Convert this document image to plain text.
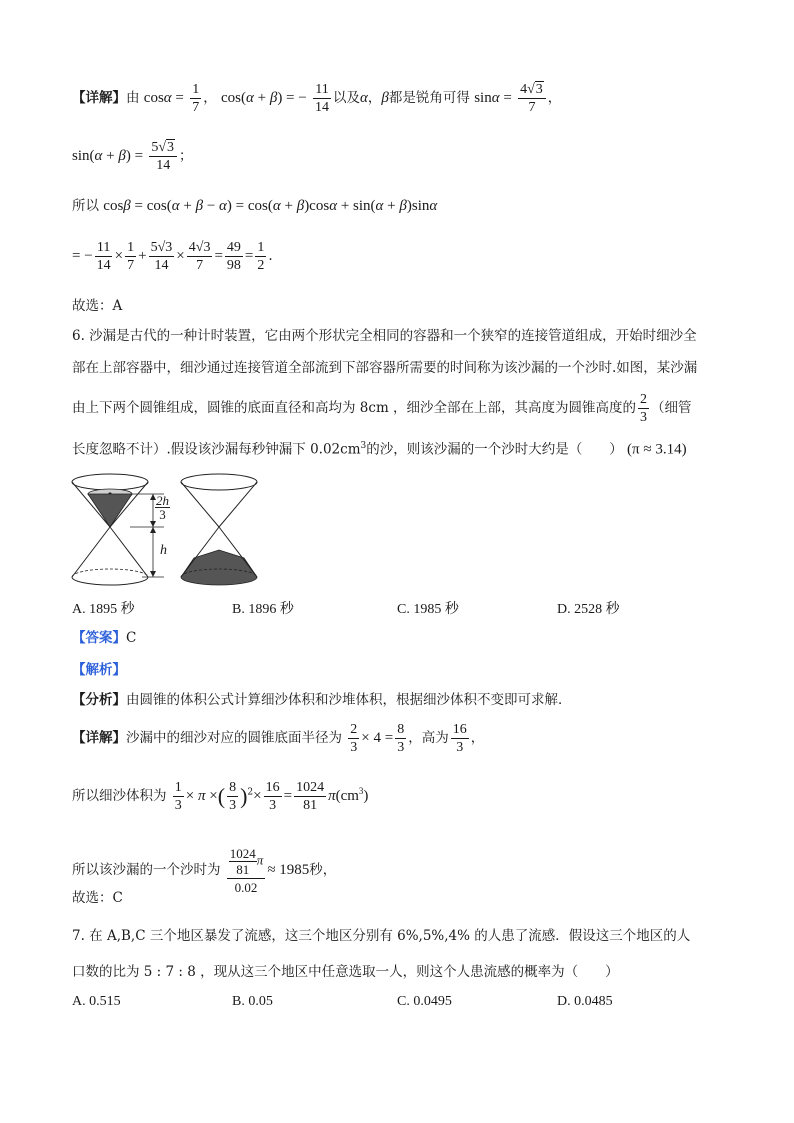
【详解】由 $\cos\alpha = \frac{1}{7}$ ， cos(α + β) = − $\frac{11}{14}$ 以及α，β都是锐角可得 $\sin\alpha = \frac{4√3}{7}$ ，
$\sin(\alpha + \beta) = \frac{5√3}{14}$ ；
所以 cosβ = cos(α + β − α) = cos(α + β)cosα + sin(α + β)sinα
= − $\frac{11}{14} \times \frac{1}{7} + \frac{5√3}{14} \times \frac{4√3}{7} = \frac{49}{98} = \frac{1}{2}$ .
故选：A
6. 沙漏是古代的一种计时装置，它由两个形状完全相同的容器和一个狭窄的连接管道组成，开始时细沙全
部在上部容器中，细沙通过连接管道全部流到下部容器所需要的时间称为该沙漏的一个沙时.如图，某沙漏
由上下两个圆锥组成，圆锥的底面直径和高均为 8cm ，细沙全部在上部，其高度为圆锥高度的 $\frac{2}{3}$ （细管
长度忽略不计）.假设该沙漏每秒钟漏下 $0.02cm^3$的沙，则该沙漏的一个沙时大约是（　　） (π ≈ 3.14)
2h
3
h
A. 1895 秒	B. 1896 秒	C. 1985 秒	D. 2528 秒
【答案】C
【解析】
【分析】由圆锥的体积公式计算细沙体积和沙堆体积，根据细沙体积不变即可求解．
【详解】沙漏中的细沙对应的圆锥底面半径为 $\frac{2}{3} \times 4 = \frac{8}{3}$ ，高为 $\frac{16}{3}$ ，
所以细沙体积为 $\frac{1}{3} \times \pi$ ×( $\frac{8}{3} )^2\times \frac{16}{3} = \frac{1024}{81} \pi(cm^3)$
所以该沙漏的一个沙时为 $\frac{\frac{1024}{81} \pi}{0.02} \approx 1985$秒，
故选：C
7. 在 A,B,C 三个地区暴发了流感，这三个地区分别有 6%,5%,4% 的人患了流感．假设这三个地区的人
口数的比为 5 : 7 : 8 ，现从这三个地区中任意选取一人，则这个人患流感的概率为（　　）
A. 0.515	B. 0.05	C. 0.0495	D. 0.0485
